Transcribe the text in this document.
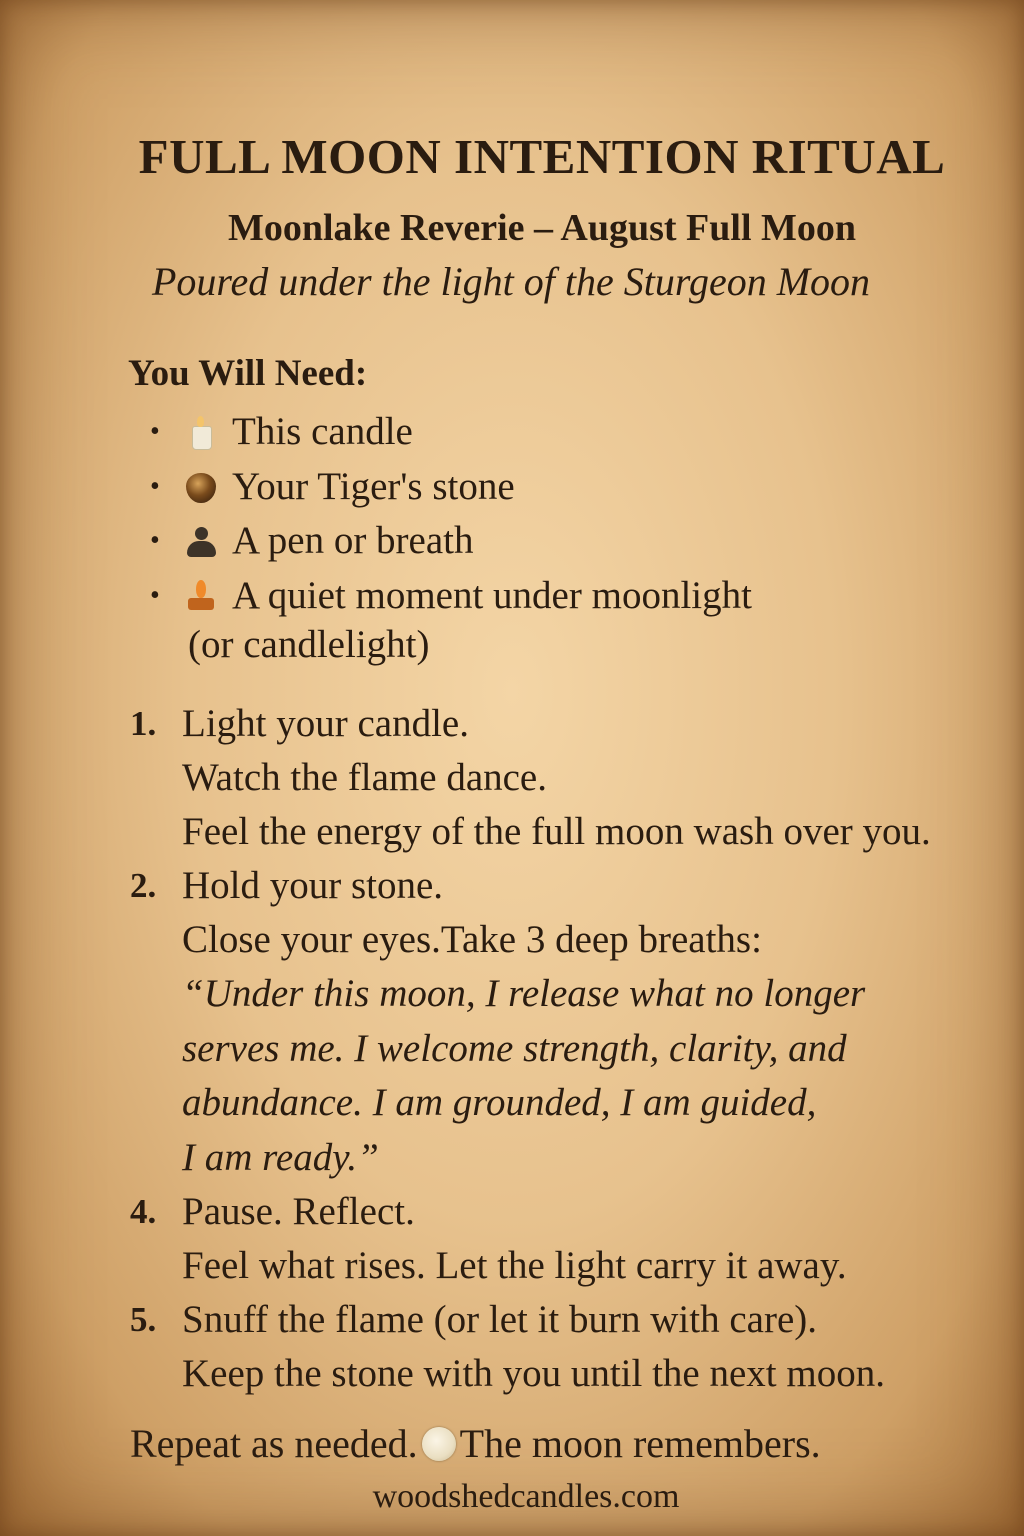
FULL MOON INTENTION RITUAL
Moonlake Reverie – August Full Moon

Poured under the light of the Sturgeon Moon

You Will Need:
•	This candle
•	Your Tiger's stone
•	A pen or breath
•	A quiet moment under moonlight

(or candlelight)

1. Light your candle.
Watch the flame dance.
Feel the energy of the full moon wash over you.
2. Hold your stone.
Close your eyes.Take 3 deep breaths:
“Under this moon, I release what no longer
serves me. I welcome strength, clarity, and
abundance. I am grounded, I am guided,
I am ready.”
4. Pause. Reflect.
Feel what rises. Let the light carry it away.
5. Snuff the flame (or let it burn with care).
Keep the stone with you until the next moon.

Repeat as needed. The moon remembers.

woodshedcandles.com
